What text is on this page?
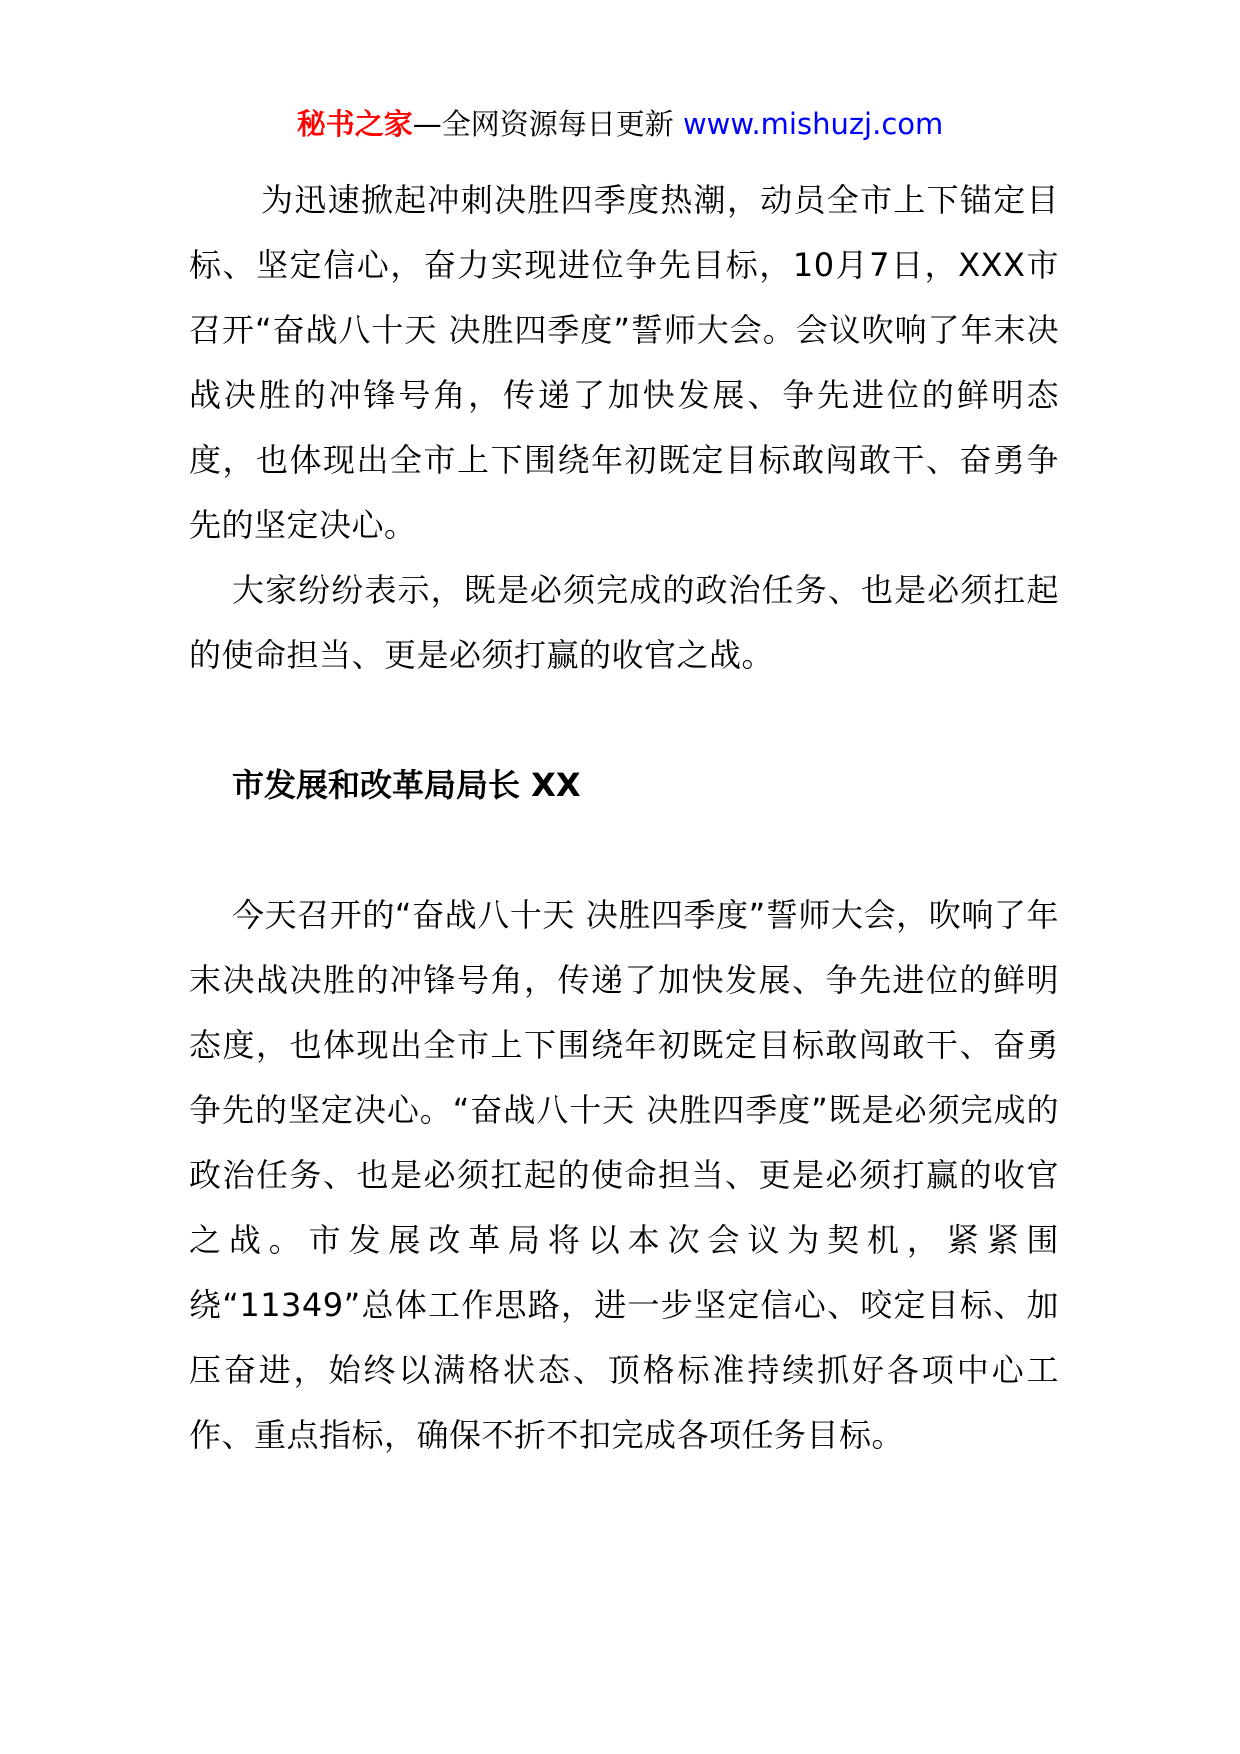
秘书之家—全网资源每日更新 www.mishuzj.com

为迅速掀起冲刺决胜四季度热潮，动员全市上下锚定目标、坚定信心，奋力实现进位争先目标，10月7日，XXX市召开“奋战八十天 决胜四季度”誓师大会。会议吹响了年末决战决胜的冲锋号角，传递了加快发展、争先进位的鲜明态度，也体现出全市上下围绕年初既定目标敢闯敢干、奋勇争先的坚定决心。

大家纷纷表示，既是必须完成的政治任务、也是必须扛起的使命担当、更是必须打赢的收官之战。

市发展和改革局局长 XX

今天召开的“奋战八十天 决胜四季度”誓师大会，吹响了年末决战决胜的冲锋号角，传递了加快发展、争先进位的鲜明态度，也体现出全市上下围绕年初既定目标敢闯敢干、奋勇争先的坚定决心。“奋战八十天 决胜四季度”既是必须完成的政治任务、也是必须扛起的使命担当、更是必须打赢的收官之战。市发展改革局将以本次会议为契机，紧紧围绕“11349”总体工作思路，进一步坚定信心、咬定目标、加压奋进，始终以满格状态、顶格标准持续抓好各项中心工作、重点指标，确保不折不扣完成各项任务目标。
